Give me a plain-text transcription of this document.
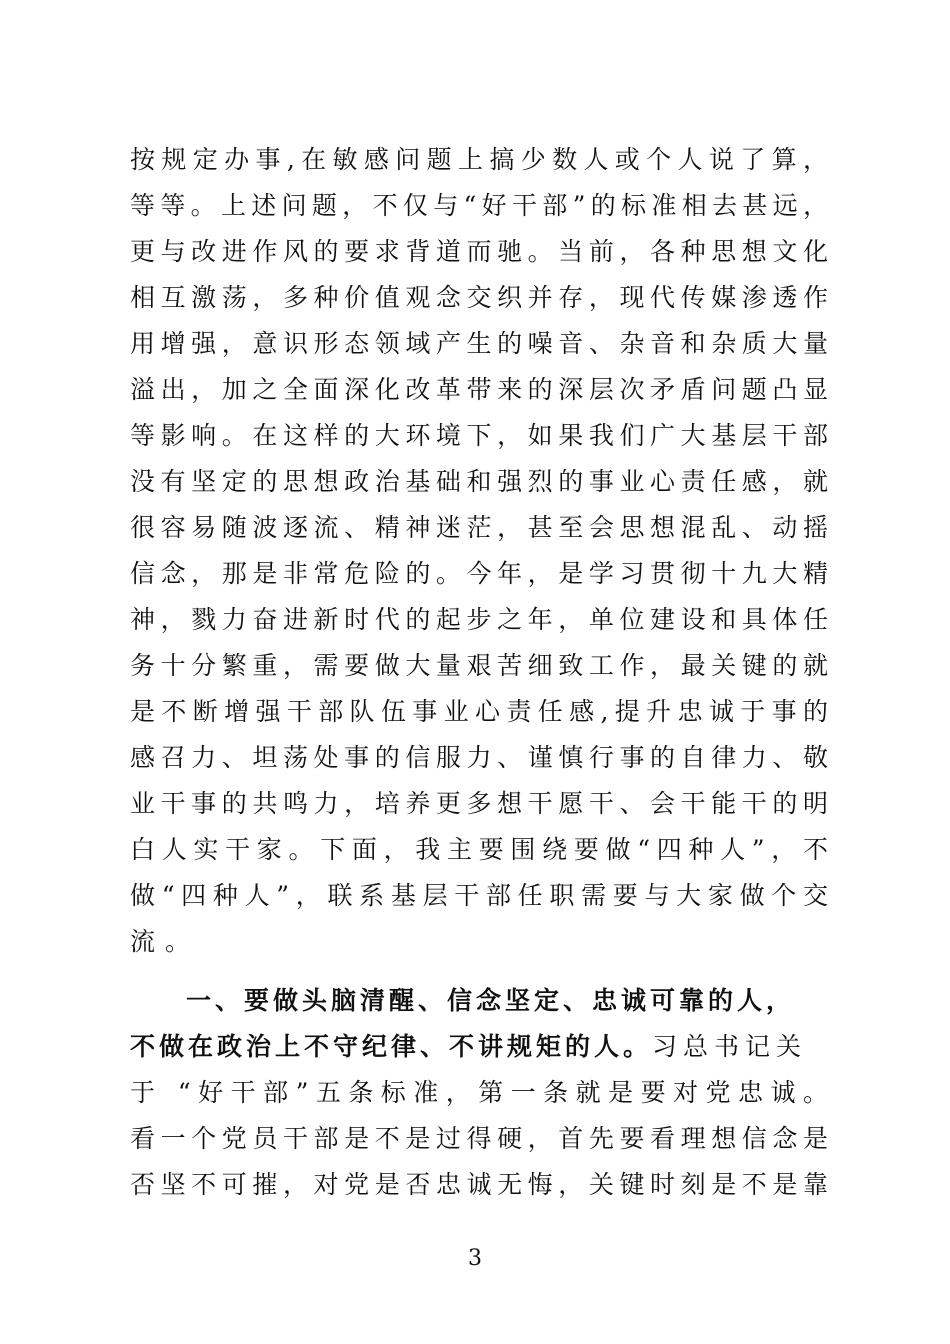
按规定办事,在敏感问题上搞少数人或个人说了算，
等等。上述问题，不仅与“好干部”的标准相去甚远，
更与改进作风的要求背道而驰。当前，各种思想文化
相互激荡，多种价值观念交织并存，现代传媒渗透作
用增强，意识形态领域产生的噪音、杂音和杂质大量
溢出，加之全面深化改革带来的深层次矛盾问题凸显
等影响。在这样的大环境下，如果我们广大基层干部
没有坚定的思想政治基础和强烈的事业心责任感，就
很容易随波逐流、精神迷茫，甚至会思想混乱、动摇
信念，那是非常危险的。今年，是学习贯彻十九大精
神，戮力奋进新时代的起步之年，单位建设和具体任
务十分繁重，需要做大量艰苦细致工作，最关键的就
是不断增强干部队伍事业心责任感,提升忠诚于事的
感召力、坦荡处事的信服力、谨慎行事的自律力、敬
业干事的共鸣力，培养更多想干愿干、会干能干的明
白人实干家。下面，我主要围绕要做“四种人”，不
做“四种人”，联系基层干部任职需要与大家做个交
流。
一、要做头脑清醒、信念坚定、忠诚可靠的人，
不做在政治上不守纪律、不讲规矩的人。习总书记关
于 “好干部”五条标准，第一条就是要对党忠诚。
看一个党员干部是不是过得硬，首先要看理想信念是
否坚不可摧，对党是否忠诚无悔，关键时刻是不是靠
3
